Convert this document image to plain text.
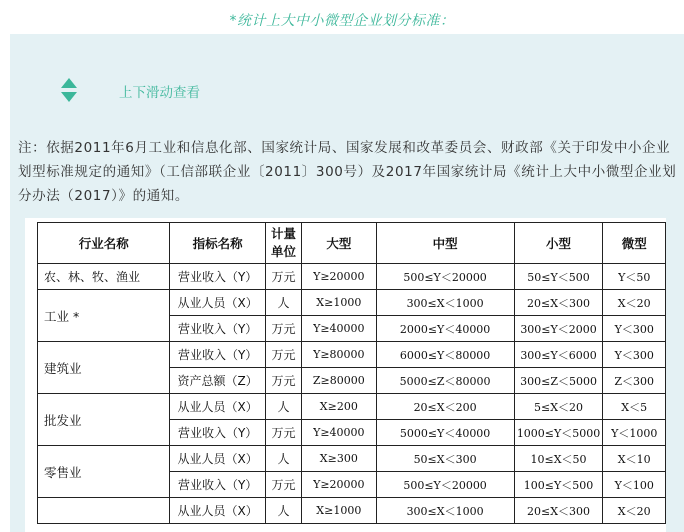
*统计上大中小微型企业划分标准：
上下滑动查看
注：依据2011年6月工业和信息化部、国家统计局、国家发展和改革委员会、财政部《关于印发中小企业划型标准规定的通知》（工信部联企业〔2011〕300号）及2017年国家统计局《统计上大中小微型企业划分办法（2017）》的通知。
行业名称	指标名称	计量单位	大型	中型	小型	微型
农、林、牧、渔业	营业收入（Y）	万元	Y≥20000	500≤Y＜20000	50≤Y＜500	Y＜50
工业 *	从业人员（X）	人	X≥1000	300≤X＜1000	20≤X＜300	X＜20
	营业收入（Y）	万元	Y≥40000	2000≤Y＜40000	300≤Y＜2000	Y＜300
建筑业	营业收入（Y）	万元	Y≥80000	6000≤Y＜80000	300≤Y＜6000	Y＜300
	资产总额（Z）	万元	Z≥80000	5000≤Z＜80000	300≤Z＜5000	Z＜300
批发业	从业人员（X）	人	X≥200	20≤X＜200	5≤X＜20	X＜5
	营业收入（Y）	万元	Y≥40000	5000≤Y＜40000	1000≤Y＜5000	Y＜1000
零售业	从业人员（X）	人	X≥300	50≤X＜300	10≤X＜50	X＜10
	营业收入（Y）	万元	Y≥20000	500≤Y＜20000	100≤Y＜500	Y＜100
	从业人员（X）	人	X≥1000	300≤X＜1000	20≤X＜300	X＜20
